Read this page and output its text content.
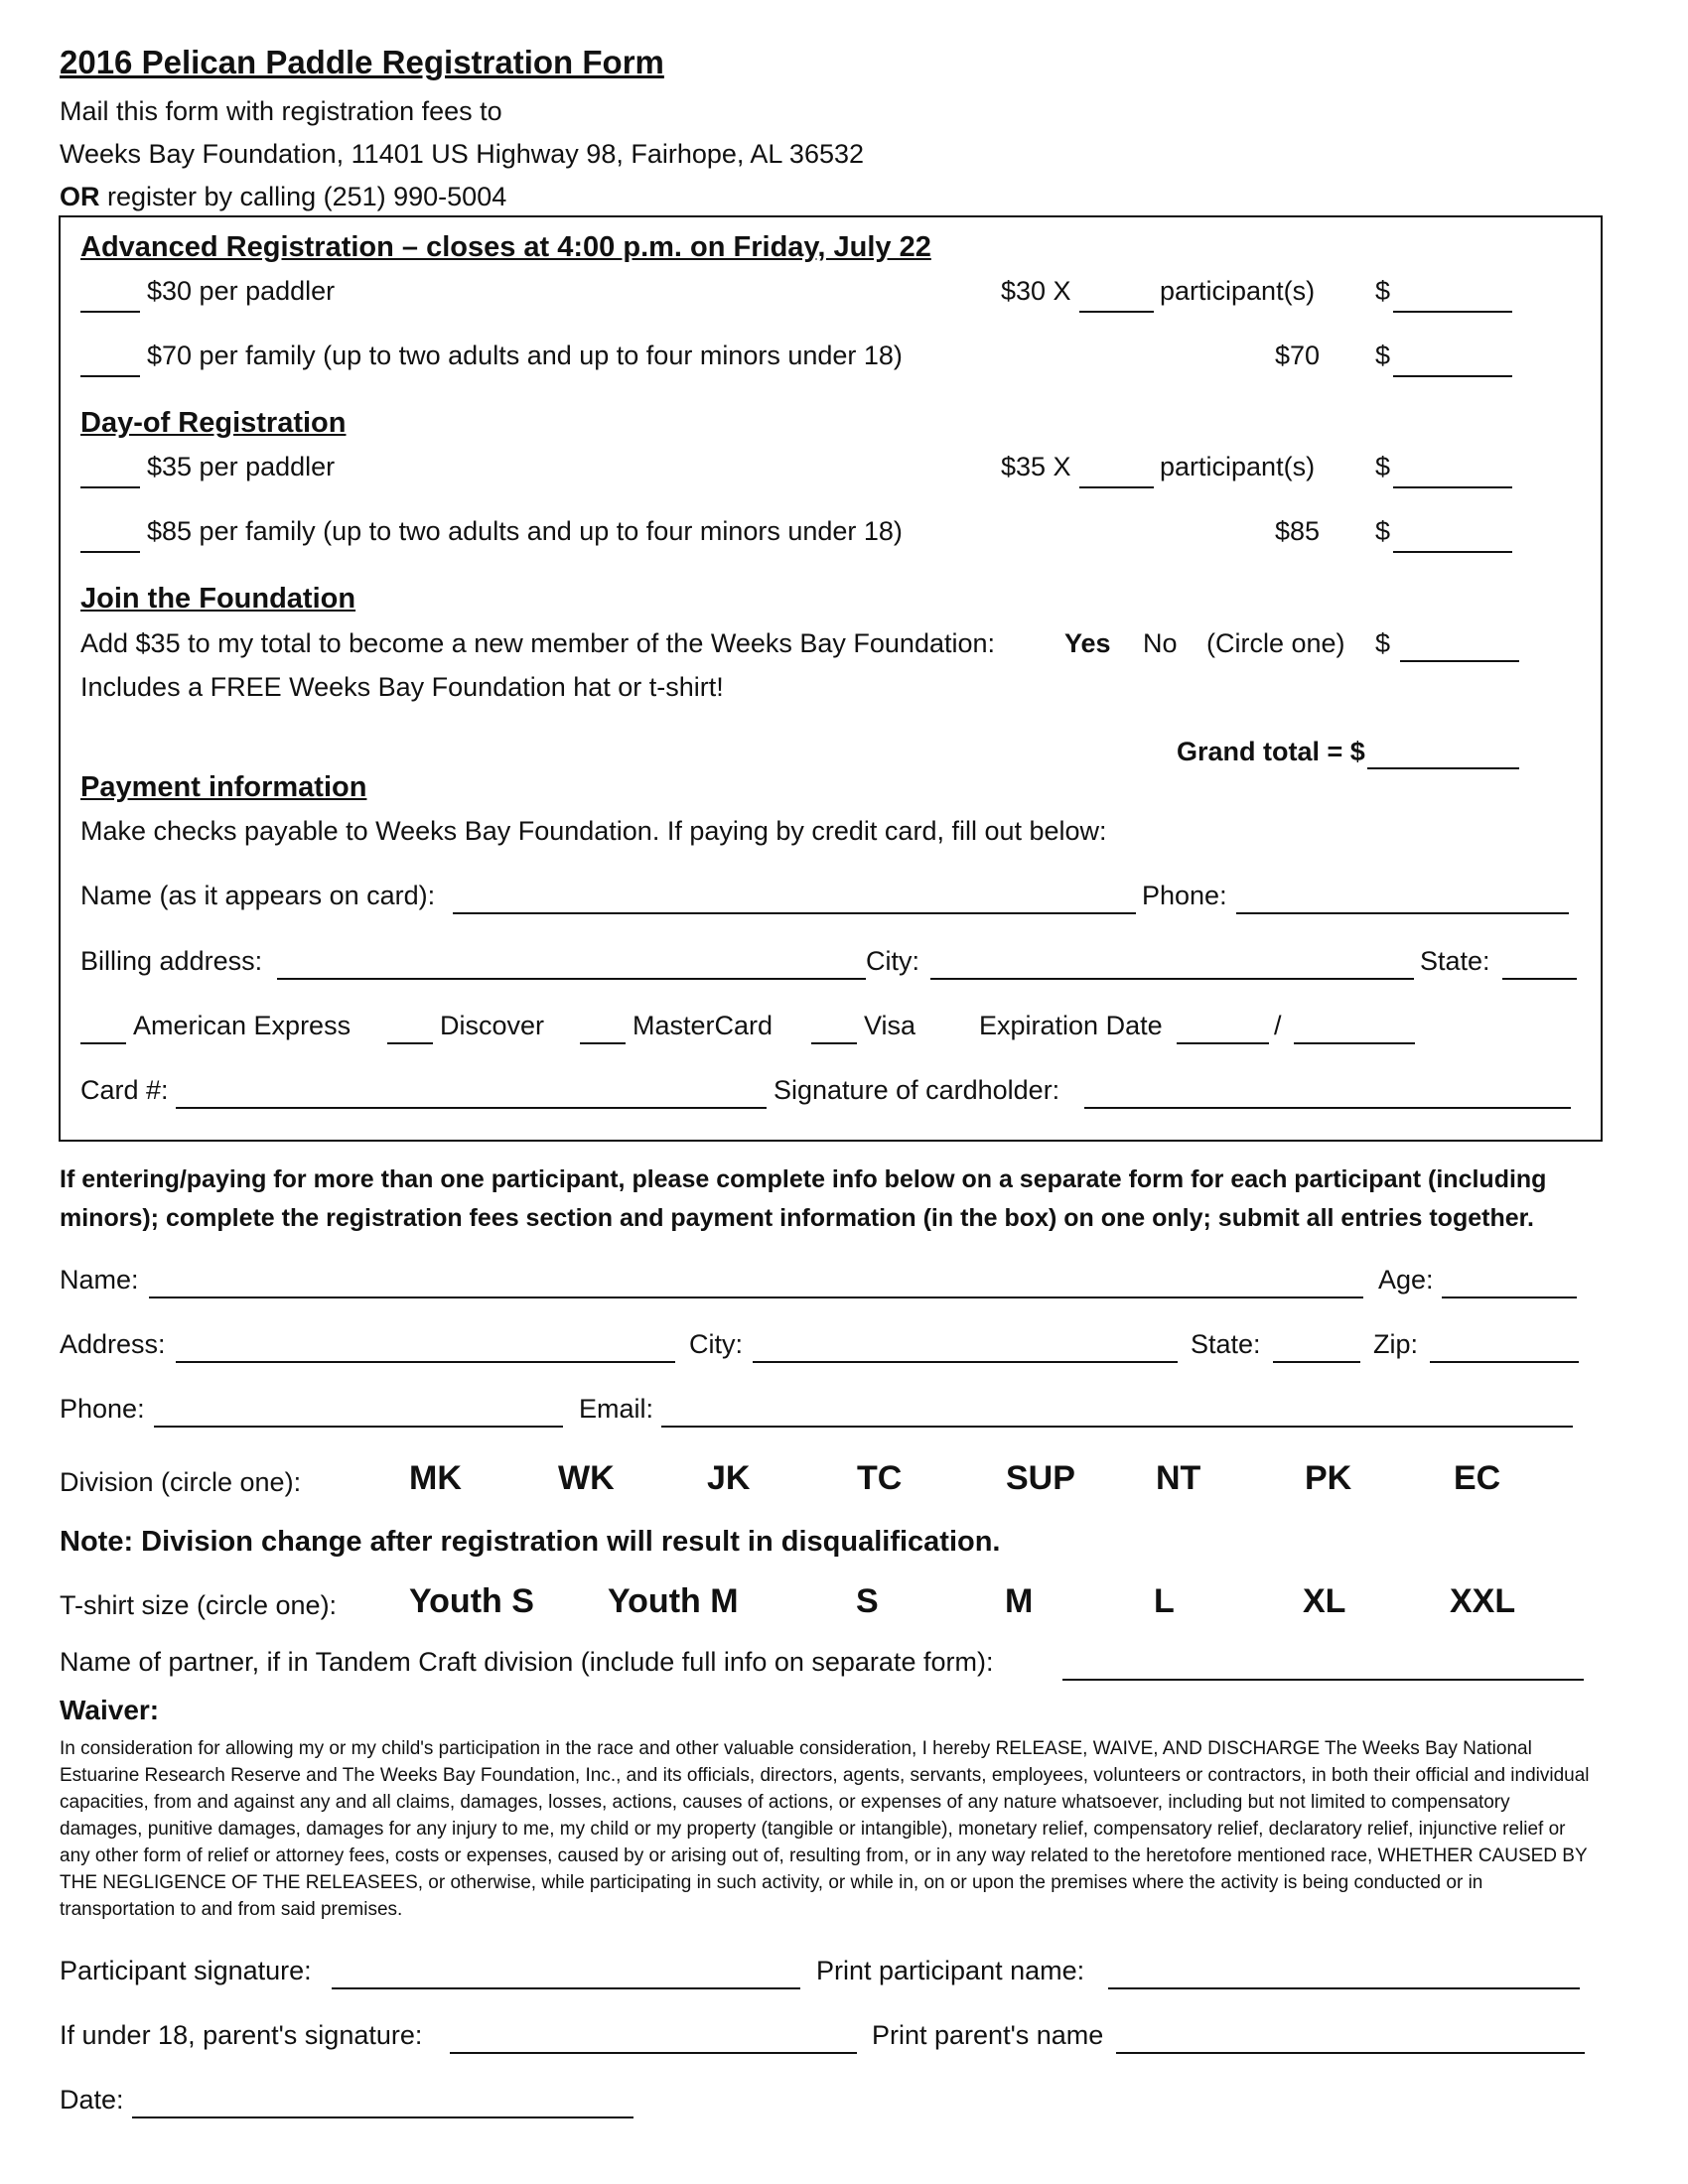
2016 Pelican Paddle Registration Form
Mail this form with registration fees to
Weeks Bay Foundation, 11401 US Highway 98, Fairhope, AL 36532
OR register by calling (251) 990-5004
Advanced Registration – closes at 4:00 p.m. on Friday, July 22
$30 per paddler	$30 X	participant(s) $
$70 per family (up to two adults and up to four minors under 18)	$70 $
Day-of Registration
$35 per paddler	$35 X	participant(s) $
$85 per family (up to two adults and up to four minors under 18)	$85 $
Join the Foundation
Add $35 to my total to become a new member of the Weeks Bay Foundation:	Yes No (Circle one) $
Includes a FREE Weeks Bay Foundation hat or t-shirt!
Grand total = $
Payment information
Make checks payable to Weeks Bay Foundation. If paying by credit card, fill out below:
Name (as it appears on card):	Phone:
Billing address:	City:	State:
American Express	Discover	MasterCard	Visa Expiration Date	/
Card #:	Signature of cardholder:
If entering/paying for more than one participant, please complete info below on a separate form for each participant (including
minors); complete the registration fees section and payment information (in the box) on one only; submit all entries together.
Name:	Age:
Address:	City:	State:	Zip:
Phone:	Email:
Division (circle one):	MK	WK	JK	TC	SUP NT	PK	EC
Note: Division change after registration will result in disqualification.
T-shirt size (circle one): Youth S Youth M	S	M	L	XL	XXL
Name of partner, if in Tandem Craft division (include full info on separate form):
Waiver:
In consideration for allowing my or my child's participation in the race and other valuable consideration, I hereby RELEASE, WAIVE, AND DISCHARGE The Weeks Bay National Estuarine Research Reserve and The Weeks Bay Foundation, Inc., and its officials, directors, agents, servants, employees, volunteers or contractors, in both their official and individual capacities, from and against any and all claims, damages, losses, actions, causes of actions, or expenses of any nature whatsoever, including but not limited to compensatory damages, punitive damages, damages for any injury to me, my child or my property (tangible or intangible), monetary relief, compensatory relief, declaratory relief, injunctive relief or any other form of relief or attorney fees, costs or expenses, caused by or arising out of, resulting from, or in any way related to the heretofore mentioned race, WHETHER CAUSED BY THE NEGLIGENCE OF THE RELEASEES, or otherwise, while participating in such activity, or while in, on or upon the premises where the activity is being conducted or in transportation to and from said premises.
Participant signature:	Print participant name:
If under 18, parent's signature:	Print parent's name
Date:
